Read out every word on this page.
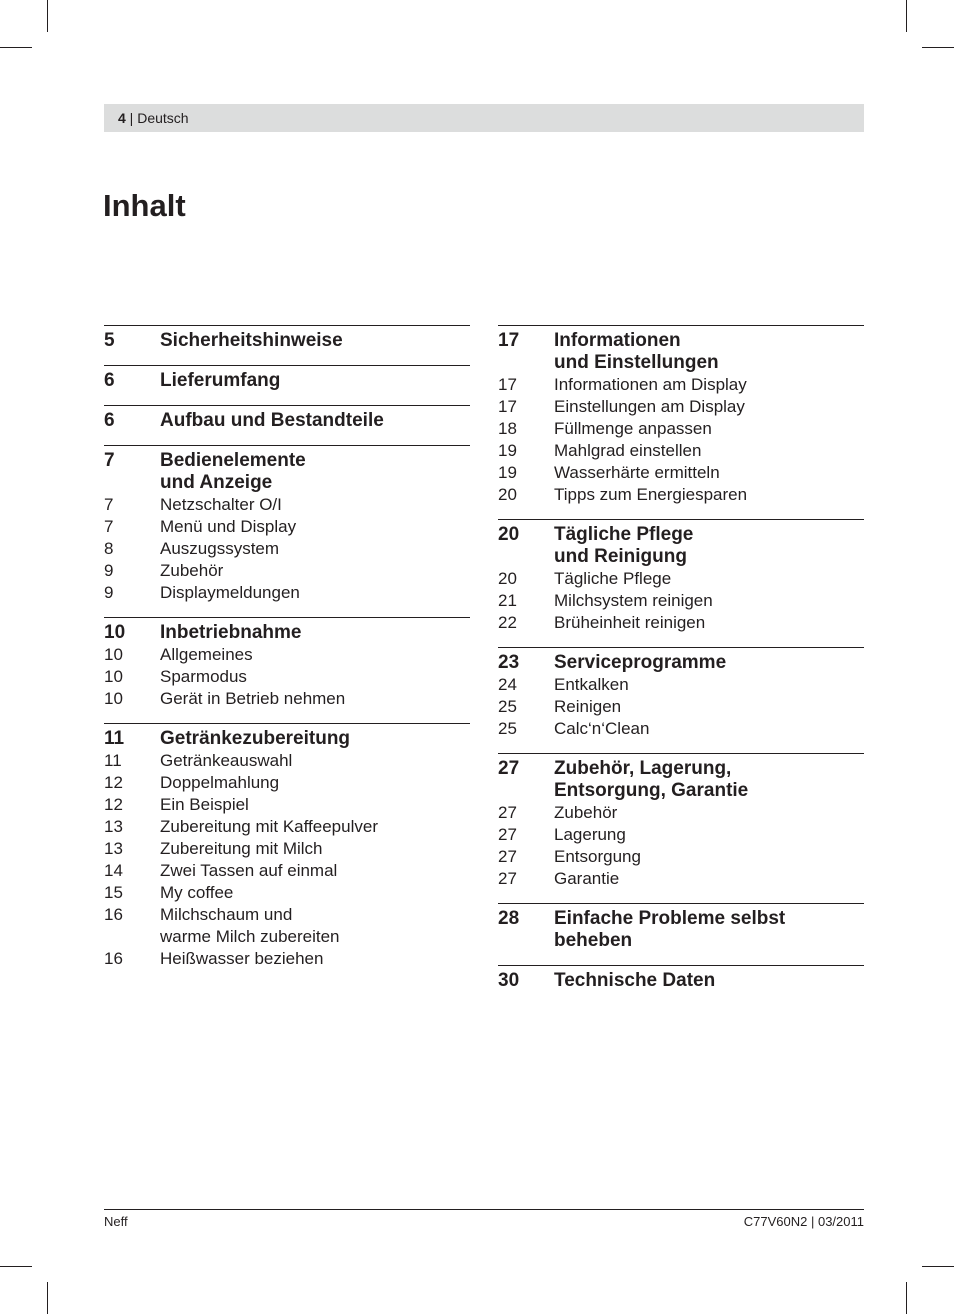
4 | Deutsch
Inhalt
5	Sicherheitshinweise
6	Lieferumfang
6	Aufbau und Bestandteile
7	Bedienelemente
und Anzeige
7	Netzschalter O/I
7	Menü und Display
8	Auszugssystem
9	Zubehör
9	Displaymeldungen
10	Inbetriebnahme
10	Allgemeines
10	Sparmodus
10	Gerät in Betrieb nehmen
11	Getränkezubereitung
11	Getränkeauswahl
12	Doppelmahlung
12	Ein Beispiel
13	Zubereitung mit Kaffeepulver
13	Zubereitung mit Milch
14	Zwei Tassen auf einmal
15	My coffee
16	Milchschaum und
warme Milch zubereiten
16	Heißwasser beziehen
17	Informationen
und Einstellungen
17	Informationen am Display
17	Einstellungen am Display
18	Füllmenge anpassen
19	Mahlgrad einstellen
19	Wasserhärte ermitteln
20	Tipps zum Energiesparen
20	Tägliche Pflege
und Reinigung
20	Tägliche Pflege
21	Milchsystem reinigen
22	Brüheinheit reinigen
23	Serviceprogramme
24	Entkalken
25	Reinigen
25	Calc‘n‘Clean
27	Zubehör, Lagerung,
Entsorgung, Garantie
27	Zubehör
27	Lagerung
27	Entsorgung
27	Garantie
28	Einfache Probleme selbst
beheben
30	Technische Daten
Neff	C77V60N2 | 03/2011
